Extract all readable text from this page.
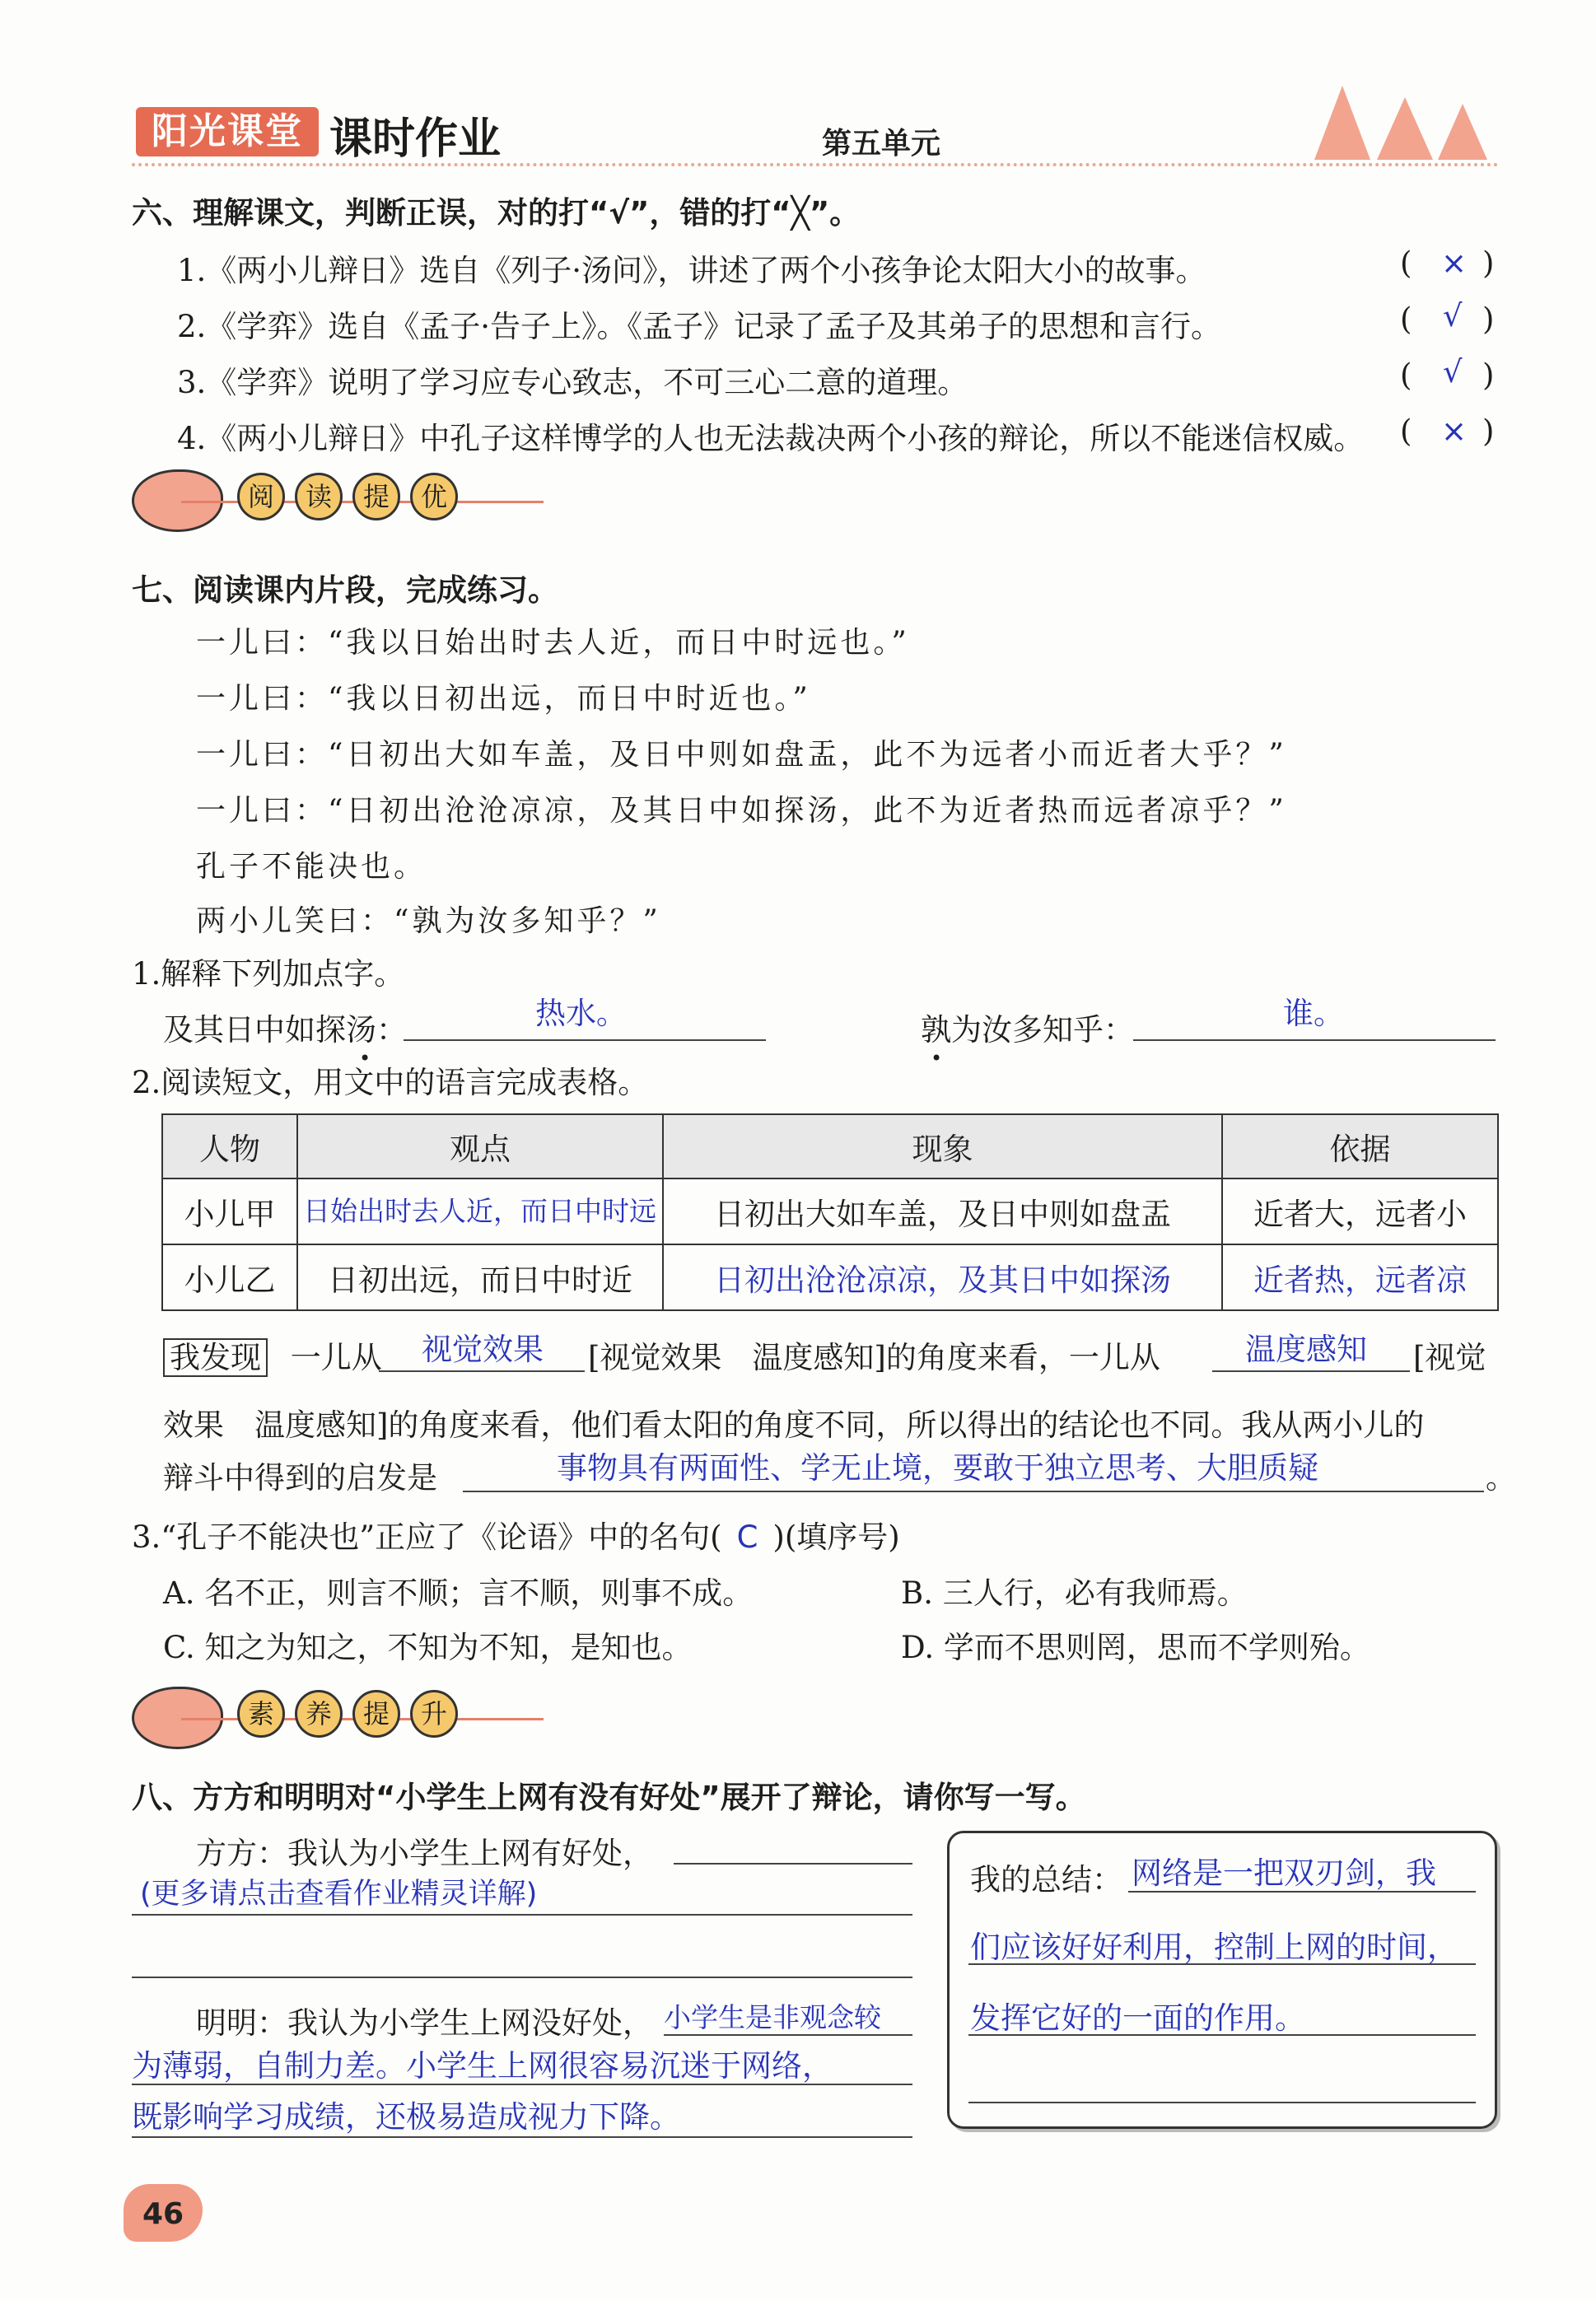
阳光课堂 课时作业	第五单元
六、理解课文，判断正误，对的打“√”，错的打“╳”。
1.《两小儿辩日》选自《列子·汤问》，讲述了两个小孩争论太阳大小的故事。	( × )
2.《学弈》选自《孟子·告子上》。《孟子》记录了孟子及其弟子的思想和言行。	( √ )
3.《学弈》说明了学习应专心致志，不可三心二意的道理。	( √ )
4.《两小儿辩日》中孔子这样博学的人也无法裁决两个小孩的辩论，所以不能迷信权威。 ( × )
阅	读	提	优
七、阅读课内片段，完成练习。
一儿曰：“我以日始出时去人近，而日中时远也。”
一儿曰：“我以日初出远，而日中时近也。”
一儿曰：“日初出大如车盖，及日中则如盘盂，此不为远者小而近者大乎？”
一儿曰：“日初出沧沧凉凉，及其日中如探汤，此不为近者热而远者凉乎？”
孔子不能决也。
两小儿笑曰：“孰为汝多知乎？”
1.解释下列加点字。
及其日中如探汤
•
：	热水。	孰
•
为汝多知乎：	谁。
2.阅读短文，用文中的语言完成表格。
人物	观点	现象	依据
小儿甲	日始出时去人近，而日中时远	日初出大如车盖，及日中则如盘盂	近者大，远者小
小儿乙	日初出远，而日中时近	日初出沧沧凉凉，及其日中如探汤	近者热，远者凉
我发现 一儿从 视觉效果 [视觉效果　温度感知]的角度来看，一儿从	温度感知 [视觉
效果　温度感知]的角度来看，他们看太阳的角度不同，所以得出的结论也不同。我从两小儿的
辩斗中得到的启发是	事物具有两面性、学无止境，要敢于独立思考、大胆质疑	。
3.“孔子不能决也”正应了《论语》中的名句( C )(填序号)
A. 名不正，则言不顺；言不顺，则事不成。	B. 三人行，必有我师焉。
C. 知之为知之，不知为不知，是知也。	D. 学而不思则罔，思而不学则殆。
素	养	提	升
八、方方和明明对“小学生上网有没有好处”展开了辩论，请你写一写。
方方：我认为小学生上网有好处，
(更多请点击查看作业精灵详解)
明明：我认为小学生上网没好处， 小学生是非观念较
为薄弱，自制力差。小学生上网很容易沉迷于网络，
既影响学习成绩，还极易造成视力下降。
我的总结： 网络是一把双刃剑，我
们应该好好利用，控制上网的时间，
发挥它好的一面的作用。
46
